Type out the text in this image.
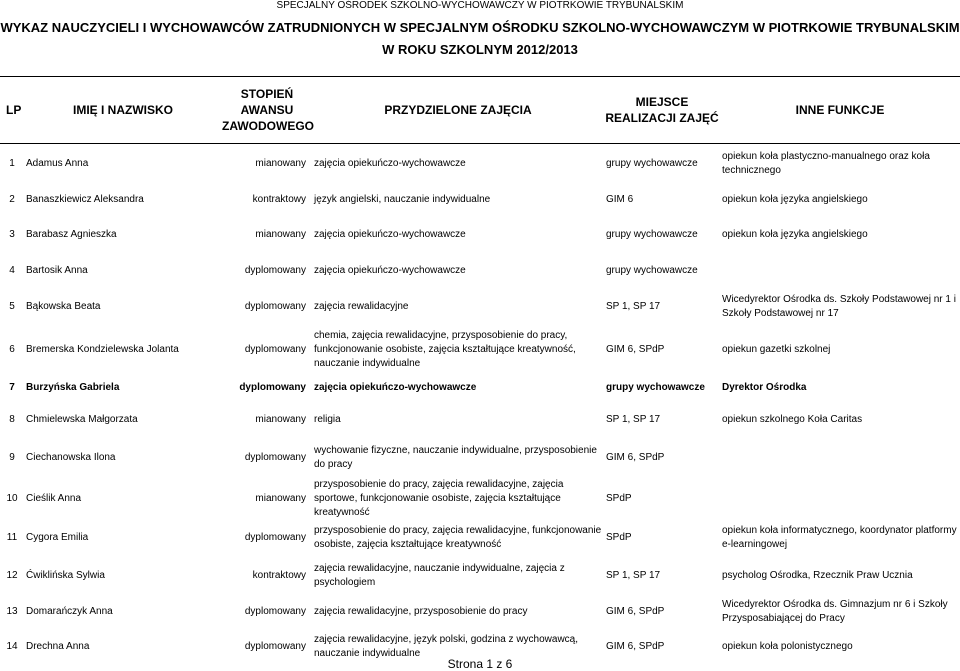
SPECJALNY OŚRODEK SZKOLNO-WYCHOWAWCZY W PIOTRKOWIE TRYBUNALSKIM
WYKAZ NAUCZYCIELI I WYCHOWAWCÓW ZATRUDNIONYCH W SPECJALNYM OŚRODKU SZKOLNO-WYCHOWAWCZYM W PIOTRKOWIE TRYBUNALSKIM
W ROKU SZKOLNYM 2012/2013
LP	IMIĘ I NAZWISKO	STOPIEŃ AWANSU ZAWODOWEGO	PRZYDZIELONE ZAJĘCIA	MIEJSCE REALIZACJI ZAJĘĆ	INNE FUNKCJE
1	Adamus Anna	mianowany	zajęcia opiekuńczo-wychowawcze	grupy wychowawcze	opiekun koła plastyczno-manualnego oraz koła technicznego
2	Banaszkiewicz Aleksandra	kontraktowy	język angielski, nauczanie indywidualne	GIM 6	opiekun koła języka angielskiego
3	Barabasz Agnieszka	mianowany	zajęcia opiekuńczo-wychowawcze	grupy wychowawcze	opiekun koła języka angielskiego
4	Bartosik Anna	dyplomowany	zajęcia opiekuńczo-wychowawcze	grupy wychowawcze	
5	Bąkowska Beata	dyplomowany	zajęcia rewalidacyjne	SP 1, SP 17	Wicedyrektor Ośrodka ds. Szkoły Podstawowej nr 1 i Szkoły Podstawowej nr 17
6	Bremerska Kondzielewska Jolanta	dyplomowany	chemia, zajęcia rewalidacyjne, przysposobienie do pracy, funkcjonowanie osobiste, zajęcia kształtujące kreatywność, nauczanie indywidualne	GIM 6, SPdP	opiekun gazetki szkolnej
7	Burzyńska Gabriela	dyplomowany	zajęcia opiekuńczo-wychowawcze	grupy wychowawcze	Dyrektor Ośrodka
8	Chmielewska Małgorzata	mianowany	religia	SP 1, SP 17	opiekun szkolnego Koła Caritas
9	Ciechanowska Ilona	dyplomowany	wychowanie fizyczne, nauczanie indywidualne, przysposobienie do pracy	GIM 6, SPdP	
10	Cieślik Anna	mianowany	przysposobienie do pracy, zajęcia rewalidacyjne, zajęcia sportowe, funkcjonowanie osobiste, zajęcia kształtujące kreatywność	SPdP	
11	Cygora Emilia	dyplomowany	przysposobienie do pracy, zajęcia rewalidacyjne, funkcjonowanie osobiste, zajęcia kształtujące kreatywność	SPdP	opiekun koła informatycznego, koordynator platformy e-learningowej
12	Ćwiklińska Sylwia	kontraktowy	zajęcia rewalidacyjne, nauczanie indywidualne, zajęcia z psychologiem	SP 1, SP 17	psycholog Ośrodka, Rzecznik Praw Ucznia
13	Domarańczyk Anna	dyplomowany	zajęcia rewalidacyjne, przysposobienie do pracy	GIM 6, SPdP	Wicedyrektor Ośrodka ds. Gimnazjum nr 6 i Szkoły Przysposabiającej do Pracy
14	Drechna Anna	dyplomowany	zajęcia rewalidacyjne, język polski, godzina z wychowawcą, nauczanie indywidualne	GIM 6, SPdP	opiekun koła polonistycznego
Strona 1 z 6
